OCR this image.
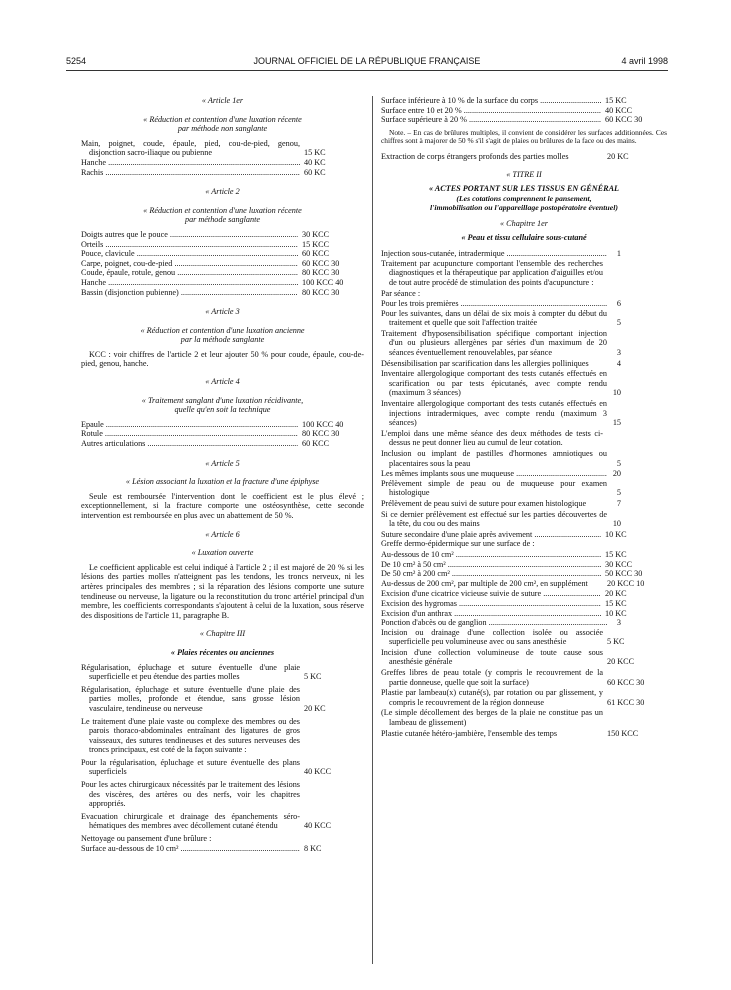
5254	JOURNAL OFFICIEL DE LA RÉPUBLIQUE FRANÇAISE	4 avril 1998
« Article 1er
« Réduction et contention d'une luxation récente
par méthode non sanglante
Main, poignet, coude, épaule, pied, cou-de-pied, genou, disjonction sacro-iliaque ou pubienne	15 KC
Hanche .....	40 KC
Rachis .....	60 KC
« Article 2
« Réduction et contention d'une luxation récente
par méthode sanglante
Doigts autres que le pouce .....	30 KCC
Orteils .....	15 KCC
Pouce, clavicule .....	60 KCC
Carpe, poignet, cou-de-pied .....	60 KCC 30
Coude, épaule, rotule, genou .....	80 KCC 30
Hanche .....	100 KCC 40
Bassin (disjonction pubienne) .....	80 KCC 30
« Article 3
« Réduction et contention d'une luxation ancienne
par la méthode sanglante
KCC : voir chiffres de l'article 2 et leur ajouter 50 % pour coude, épaule, cou-de-pied, genou, hanche.
« Article 4
« Traitement sanglant d'une luxation récidivante,
quelle qu'en soit la technique
Epaule .....	100 KCC 40
Rotule .....	80 KCC 30
Autres articulations .....	60 KCC
« Article 5
« Lésion associant la luxation et la fracture d'une épiphyse
Seule est remboursée l'intervention dont le coefficient est le plus élevé ; exceptionnellement, si la fracture comporte une ostéosynthèse, cette seconde intervention est remboursée en plus avec un abattement de 50 %.
« Article 6
« Luxation ouverte
Le coefficient applicable est celui indiqué à l'article 2 ; il est majoré de 20 % si les lésions des parties molles n'atteignent pas les tendons, les troncs nerveux, ni les artères principales des membres ; si la réparation des lésions comporte une suture tendineuse ou nerveuse, la ligature ou la reconstitution du tronc artériel principal d'un membre, les coefficients correspondants s'ajoutent à celui de la luxation, sous réserve des dispositions de l'article 11, paragraphe B.
« Chapitre III
« Plaies récentes ou anciennes
Régularisation, épluchage et suture éventuelle d'une plaie superficielle et peu étendue des parties molles	5 KC
Régularisation, épluchage et suture éventuelle d'une plaie des parties molles, profonde et étendue, sans grosse lésion vasculaire, tendineuse ou nerveuse	20 KC
Le traitement d'une plaie vaste ou complexe des membres ou des parois thoraco-abdominales entraînant des ligatures de gros vaisseaux, des sutures tendineuses et des sutures nerveuses des troncs principaux, est coté de la façon suivante :
Pour la régularisation, épluchage et suture éventuelle des plans superficiels	40 KCC
Pour les actes chirurgicaux nécessités par le traitement des lésions des viscères, des artères ou des nerfs, voir les chapitres appropriés.
Evacuation chirurgicale et drainage des épanchements séro-hématiques des membres avec décollement cutané étendu	40 KCC
Nettoyage ou pansement d'une brûlure :
Surface au-dessous de 10 cm² .....	8 KC
Surface inférieure à 10 % de la surface du corps .....	15 KC
Surface entre 10 et 20 % .....	40 KCC
Surface supérieure à 20 % .....	60 KCC 30
Note. – En cas de brûlures multiples, il convient de considérer les surfaces additionnées. Ces chiffres sont à majorer de 50 % s'il s'agit de plaies ou brûlures de la face ou des mains.
Extraction de corps étrangers profonds des parties molles	20 KC
« TITRE II
« ACTES PORTANT SUR LES TISSUS EN GÉNÉRAL
(Les cotations comprennent le pansement,
l'immobilisation ou l'appareillage postopératoire éventuel)
« Chapitre 1er
« Peau et tissu cellulaire sous-cutané
Injection sous-cutanée, intradermique .....	1
Traitement par acupuncture comportant l'ensemble des recherches diagnostiques et la thérapeutique par application d'aiguilles et/ou de tout autre procédé de stimulation des points d'acupuncture :
Par séance :
Pour les trois premières .....	6
Pour les suivantes, dans un délai de six mois à compter du début du traitement et quelle que soit l'affection traitée	5
Traitement d'hyposensibilisation spécifique comportant injection d'un ou plusieurs allergènes par séries d'un maximum de 20 séances éventuellement renouvelables, par séance	3
Désensibilisation par scarification dans les allergies polliniques	4
Inventaire allergologique comportant des tests cutanés effectués en scarification ou par tests épicutanés, avec compte rendu (maximum 3 séances)	10
Inventaire allergologique comportant des tests cutanés effectués en injections intradermiques, avec compte rendu (maximum 3 séances)	15
L'emploi dans une même séance des deux méthodes de tests ci-dessus ne peut donner lieu au cumul de leur cotation.
Inclusion ou implant de pastilles d'hormones amniotiques ou placentaires sous la peau	5
Les mêmes implants sous une muqueuse .....	20
Prélèvement simple de peau ou de muqueuse pour examen histologique	5
Prélèvement de peau suivi de suture pour examen histologique	7
Si ce dernier prélèvement est effectué sur les parties découvertes de la tête, du cou ou des mains	10
Suture secondaire d'une plaie après avivement .....	10 KC
Greffe dermo-épidermique sur une surface de :
Au-dessous de 10 cm² .....	15 KC
De 10 cm² à 50 cm² .....	30 KCC
De 50 cm² à 200 cm² .....	50 KCC 30
Au-dessus de 200 cm², par multiple de 200 cm², en supplément	20 KCC 10
Excision d'une cicatrice vicieuse suivie de suture .....	20 KC
Excision des hygromas .....	15 KC
Excision d'un anthrax .....	10 KC
Ponction d'abcès ou de ganglion .....	3
Incision ou drainage d'une collection isolée ou associée superficielle peu volumineuse avec ou sans anesthésie	5 KC
Incision d'une collection volumineuse de toute cause sous anesthésie générale	20 KCC
Greffes libres de peau totale (y compris le recouvrement de la partie donneuse, quelle que soit la surface)	60 KCC 30
Plastie par lambeau(x) cutané(s), par rotation ou par glissement, y compris le recouvrement de la région donneuse	61 KCC 30
(Le simple décollement des berges de la plaie ne constitue pas un lambeau de glissement)
Plastie cutanée hétéro-jambière, l'ensemble des temps	150 KCC
